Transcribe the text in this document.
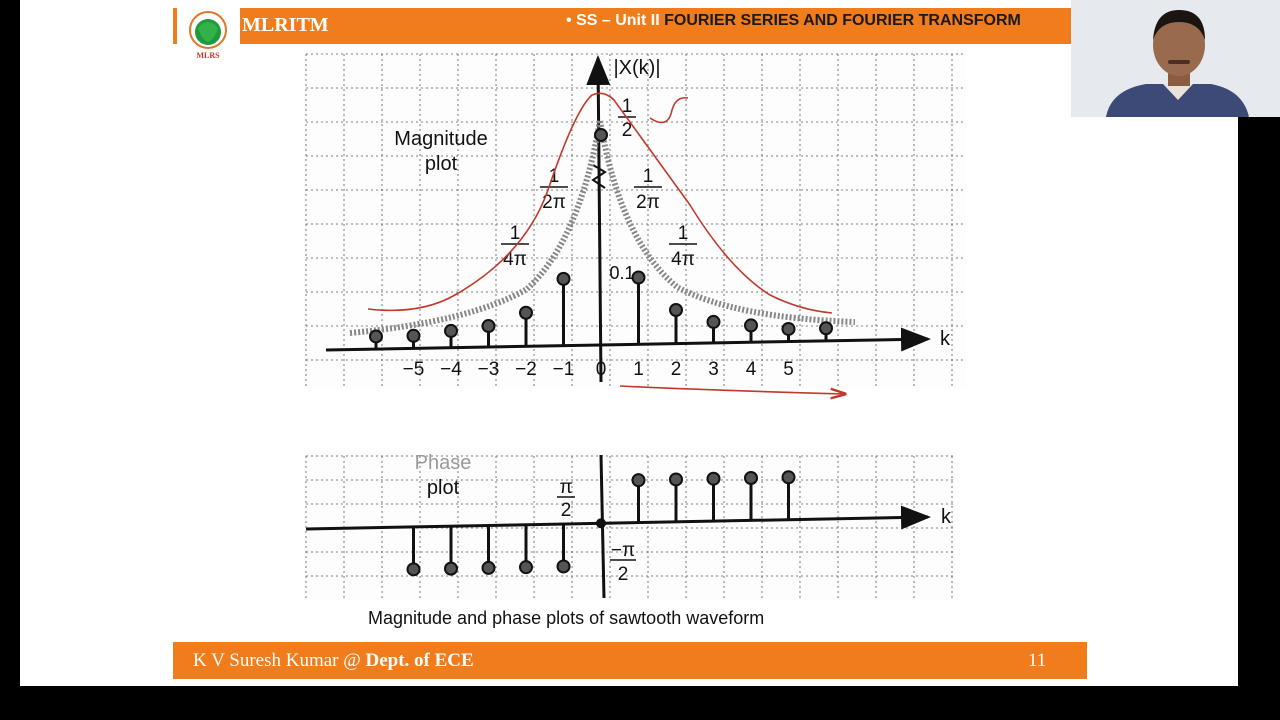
MLRS
MLRITM	• SS – Unit II FOURIER SERIES AND FOURIER TRANSFORM
Magnitude
plot
|X(k)|
k
1
2
1
2π
1
2π
1
4π
1
4π
0.1
−5 −4 −3 −2 −1 0 1 2 3 4 5
Phase
plot
k
π
2
−π
2
Magnitude and phase plots of sawtooth waveform
K V Suresh Kumar @ Dept. of ECE	11
